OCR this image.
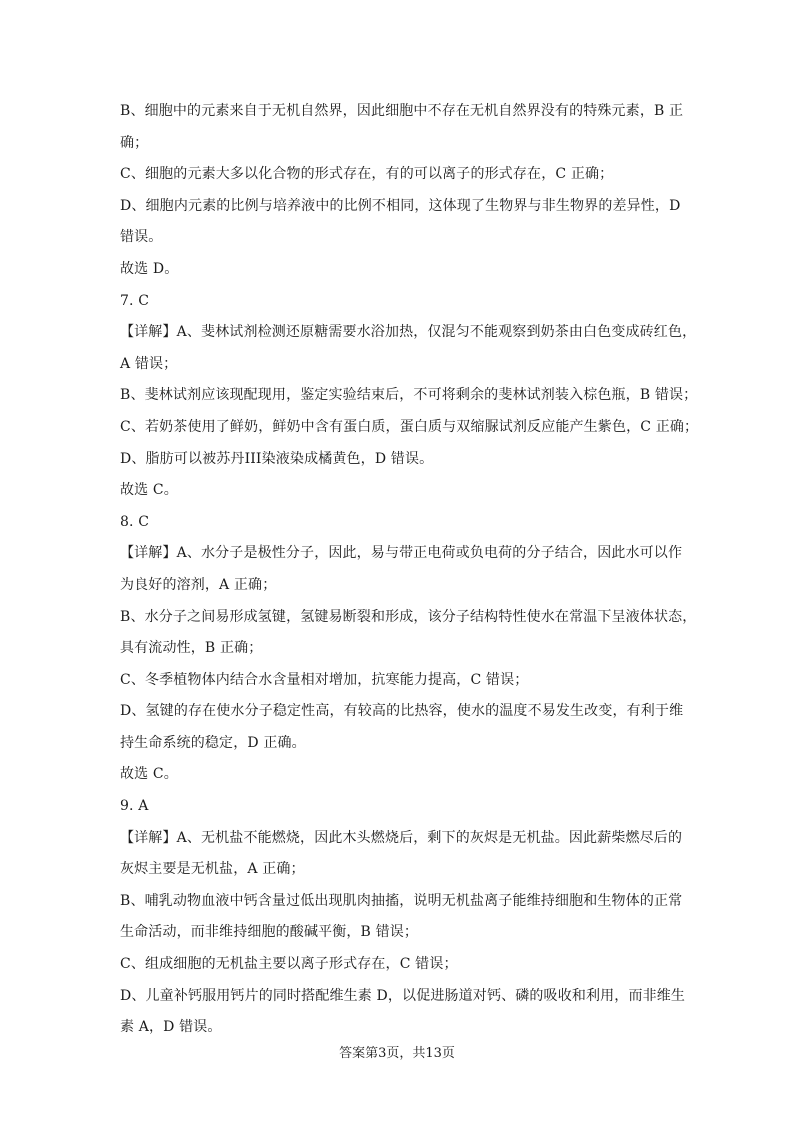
B、细胞中的元素来自于无机自然界，因此细胞中不存在无机自然界没有的特殊元素，B 正
确；
C、细胞的元素大多以化合物的形式存在，有的可以离子的形式存在，C 正确；
D、细胞内元素的比例与培养液中的比例不相同，这体现了生物界与非生物界的差异性，D
错误。
故选 D。
7. C
【详解】A、斐林试剂检测还原糖需要水浴加热，仅混匀不能观察到奶茶由白色变成砖红色，
A 错误；
B、斐林试剂应该现配现用，鉴定实验结束后，不可将剩余的斐林试剂装入棕色瓶，B 错误；
C、若奶茶使用了鲜奶，鲜奶中含有蛋白质，蛋白质与双缩脲试剂反应能产生紫色，C 正确；
D、脂肪可以被苏丹III染液染成橘黄色，D 错误。
故选 C。
8. C
【详解】A、水分子是极性分子，因此，易与带正电荷或负电荷的分子结合，因此水可以作
为良好的溶剂，A 正确；
B、水分子之间易形成氢键，氢键易断裂和形成，该分子结构特性使水在常温下呈液体状态，
具有流动性，B 正确；
C、冬季植物体内结合水含量相对增加，抗寒能力提高，C 错误；
D、氢键的存在使水分子稳定性高，有较高的比热容，使水的温度不易发生改变，有利于维
持生命系统的稳定，D 正确。
故选 C。
9. A
【详解】A、无机盐不能燃烧，因此木头燃烧后，剩下的灰烬是无机盐。因此薪柴燃尽后的
灰烬主要是无机盐，A 正确；
B、哺乳动物血液中钙含量过低出现肌肉抽搐，说明无机盐离子能维持细胞和生物体的正常
生命活动，而非维持细胞的酸碱平衡，B 错误；
C、组成细胞的无机盐主要以离子形式存在，C 错误；
D、儿童补钙服用钙片的同时搭配维生素 D，以促进肠道对钙、磷的吸收和利用，而非维生
素 A，D 错误。
答案第3页，共13页
